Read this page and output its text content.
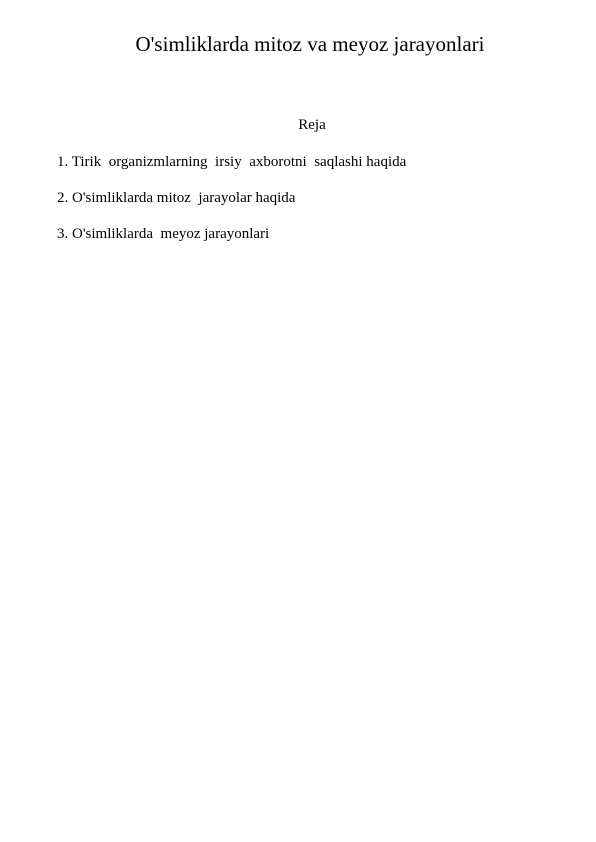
O'simliklarda mitoz va meyoz jarayonlari
Reja
1. Tirik  organizmlarning  irsiy  axborotni  saqlashi haqida
2. O'simliklarda mitoz  jarayolar haqida
3. O'simliklarda  meyoz jarayonlari
